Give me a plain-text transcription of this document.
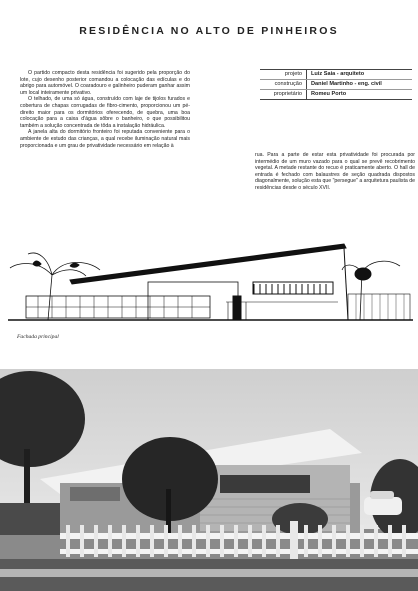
RESIDÊNCIA NO ALTO DE PINHEIROS

O partido compacto desta residência foi sugerido pela proporção do lote, cujo desenho posterior comandou a colocação das edículas e do abrigo para automóvel. O coaradouro e galinheiro puderam ganhar assim um local inteiramente privativo.

O telhado, de uma só água, construído com laje de tijolos furados e cobertura de chapas corrugadas de fibro-cimento, proporcionou um pé-direito maior para os dormitórios oferecendo, de quebra, uma boa colocação para a caixa d'água sôbre o banheiro, o que possibilitou também a solução concentrada de tôda a instalação hidráulica.

A janela alta do dormitório fronteiro foi reputada conveniente para o ambiente de estudo das crianças, a qual recebe iluminação natural mais proporcionada e um grau de privatividade necessário em relação à

projeto	Luiz Saia - arquiteto
construção	Daniel Martinho - eng. civil
proprietário	Romeu Porto

rua. Para a parte de estar esta privatividade foi procurada por intermédio de um muro vazado para o qual se prevê recobrimento vegetal. A metade restante do recuo é praticamente aberto. O hall de entrada é fechado com balaustres de seção quadrada dispostos diagonalmente, solução esta que "persegue" a arquitetura paulista de residências desde o século XVII.

Fachada principal
